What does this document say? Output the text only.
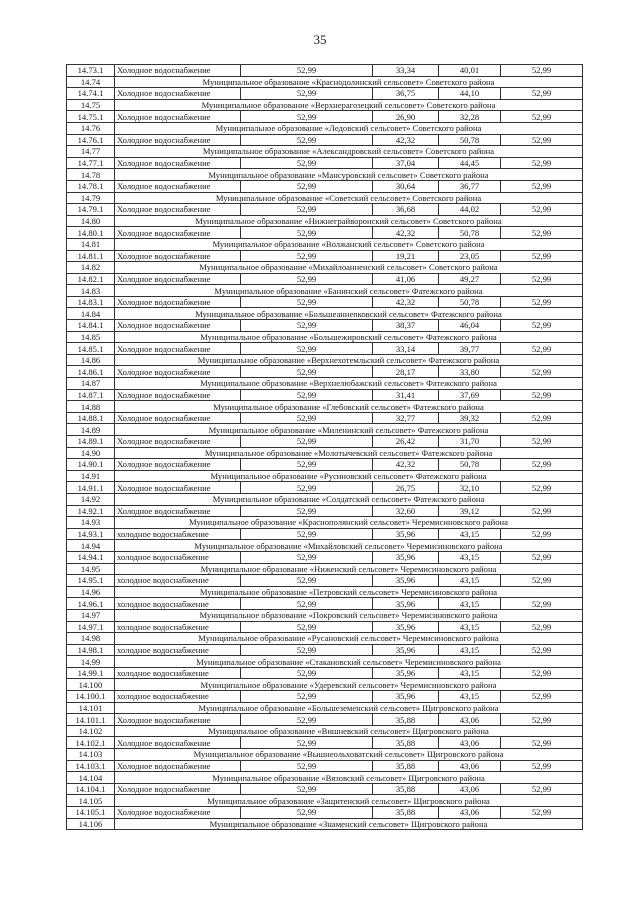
35
14.73.1	Холодное водоснабжение	52,99	33,34	40,01	52,99
14.74	Муниципальное образование «Краснодолинский сельсовет» Советского района				
14.74.1	Холодное водоснабжение	52,99	36,75	44,10	52,99
14.75	Муниципальное образование «Верхнерагозецкий сельсовет» Советского района				
14.75.1	Холодное водоснабжение	52,99	26,90	32,28	52,99
14.76	Муниципальное образование «Ледовский сельсовет» Советского района				
14.76.1	Холодное водоснабжение	52,99	42,32	50,78	52,99
14.77	Муниципальное образование «Александровский сельсовет» Советского района				
14.77.1	Холодное водоснабжение	52,99	37,04	44,45	52,99
14.78	Муниципальное образование «Мансуровский сельсовет» Советского района				
14.78.1	Холодное водоснабжение	52,99	30,64	36,77	52,99
14.79	Муниципальное образование «Советский сельсовет» Советского района				
14.79.1	Холодное водоснабжение	52,99	36,68	44,02	52,99
14.80	Муниципальное образование «Нижнеграйворонский сельсовет» Советского района				
14.80.1	Холодное водоснабжение	52,99	42,32	50,78	52,99
14.81	Муниципальное образование «Волжанский сельсовет» Советского района				
14.81.1	Холодное водоснабжение	52,99	19,21	23,05	52,99
14.82	Муниципальное образование «Михайлоанненский сельсовет» Советского района				
14.82.1	Холодное водоснабжение	52,99	41,06	49,27	52,99
14.83	Муниципальное образование «Банинский сельсовет» Фатежского района				
14.83.1	Холодное водоснабжение	52,99	42,32	50,78	52,99
14.84	Муниципальное образование «Большеаннenковский сельсовет» Фатежского района				
14.84.1	Холодное водоснабжение	52,99	38,37	46,04	52,99
14.85	Муниципальное образование «Большежировский сельсовет» Фатежского района				
14.85.1	Холодное водоснабжение	52,99	33,14	39,77	52,99
14.86	Муниципальное образование «Верхнехотемльский сельсовет» Фатежского района				
14.86.1	Холодное водоснабжение	52,99	28,17	33,80	52,99
14.87	Муниципальное образование «Верхнелюбажский сельсовет» Фатежского района				
14.87.1	Холодное водоснабжение	52,99	31,41	37,69	52,99
14.88	Муниципальное образование «Глебовский сельсовет» Фатежского района				
14.88.1	Холодное водоснабжение	52,99	32,77	39,32	52,99
14.89	Муниципальное образование «Миленинский сельсовет» Фатежского района				
14.89.1	Холодное водоснабжение	52,99	26,42	31,70	52,99
14.90	Муниципальное образование «Молотычевский сельсовет» Фатежского района				
14.90.1	Холодное водоснабжение	52,99	42,32	50,78	52,99
14.91	Муниципальное образование «Русиновский сельсовет» Фатежского района				
14.91.1	Холодное водоснабжение	52,99	26,75	32,10	52,99
14.92	Муниципальное образование «Солдатский сельсовет» Фатежского района				
14.92.1	Холодное водоснабжение	52,99	32,60	39,12	52,99
14.93	Муниципальное образование «Краснополянский сельсовет» Черемисиновского района				
14.93.1	холодное водоснабжение	52,99	35,96	43,15	52,99
14.94	Муниципальное образование «Михайловский сельсовет» Черемисиновского района				
14.94.1	холодное водоснабжение	52,99	35,96	43,15	52,99
14.95	Муниципальное образование «Ниженский сельсовет» Черемисиновского района				
14.95.1	холодное водоснабжение	52,99	35,96	43,15	52,99
14.96	Муниципальное образование «Петровский сельсовет» Черемисиновского района				
14.96.1	холодное водоснабжение	52,99	35,96	43,15	52,99
14.97	Муниципальное образование «Покровский сельсовет» Черемисиновского района				
14.97.1	холодное водоснабжение	52,99	35,96	43,15	52,99
14.98	Муниципальное образование «Русановский сельсовет» Черемисиновского района				
14.98.1	холодное водоснабжение	52,99	35,96	43,15	52,99
14.99	Муниципальное образование «Стакановский сельсовет» Черемисиновского района				
14.99.1	холодное водоснабжение	52,99	35,96	43,15	52,99
14.100	Муниципальное образование «Удеревский сельсовет» Черемисиновского района				
14.100.1	холодное водоснабжение	52,99	35,96	43,15	52,99
14.101	Муниципальное образование «Большеземенский сельсовет» Щигровского района				
14.101.1	Холодное водоснабжение	52,99	35,88	43,06	52,99
14.102	Муниципальное образование «Вишневский сельсовет» Щигровского района				
14.102.1	Холодное водоснабжение	52,99	35,88	43,06	52,99
14.103	Муниципальное образование «Вышнеольховатский сельсовет» Щигровского района				
14.103.1	Холодное водоснабжение	52,99	35,88	43,06	52,99
14.104	Муниципальное образование «Вязовский сельсовет» Щигровского района				
14.104.1	Холодное водоснабжение	52,99	35,88	43,06	52,99
14.105	Муниципальное образование «Защитенский сельсовет» Щигровского района				
14.105.1	Холодное водоснабжение	52,99	35,88	43,06	52,99
14.106	Муниципальное образование «Знаменский сельсовет» Щигровского района				
